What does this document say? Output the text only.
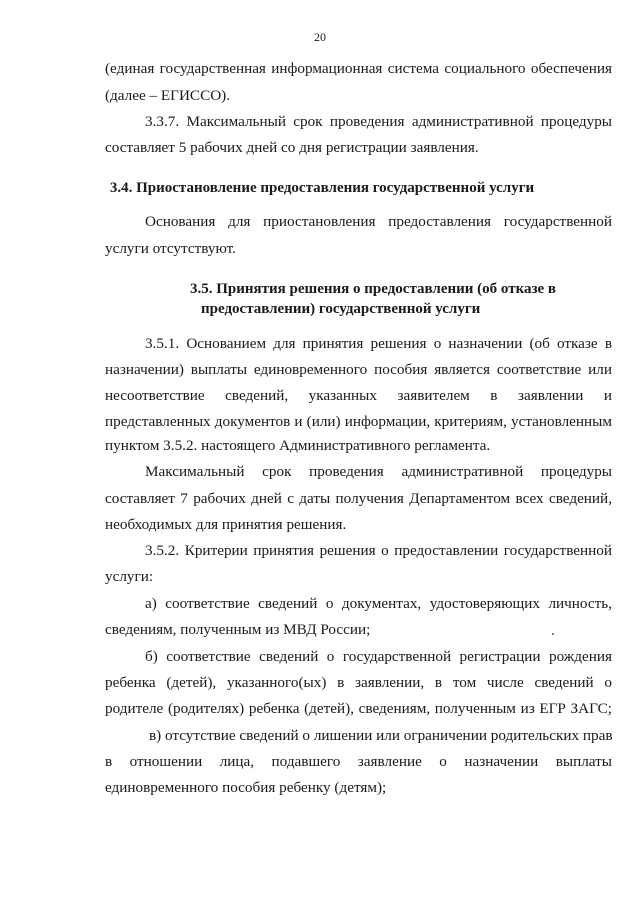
20
(единая государственная информационная система социального обеспечения
(далее – ЕГИССО).
3.3.7. Максимальный срок проведения административной процедуры
составляет 5 рабочих дней со дня регистрации заявления.
3.4. Приостановление предоставления государственной услуги
Основания для приостановления предоставления государственной
услуги отсутствуют.
3.5. Принятия решения о предоставлении (об отказе в
предоставлении) государственной услуги
3.5.1. Основанием для принятия решения о назначении (об отказе в
назначении) выплаты единовременного пособия является соответствие или
несоответствие сведений, указанных заявителем в заявлении и
представленных документов и (или) информации, критериям, установленным
пунктом 3.5.2. настоящего Административного регламента.
Максимальный срок проведения административной процедуры
составляет 7 рабочих дней с даты получения Департаментом всех сведений,
необходимых для принятия решения.
3.5.2. Критерии принятия решения о предоставлении государственной
услуги:
а) соответствие сведений о документах, удостоверяющих личность,
сведениям, полученным из МВД России;
б) соответствие сведений о государственной регистрации рождения
ребенка (детей), указанного(ых) в заявлении, в том числе сведений о
родителе (родителях) ребенка (детей), сведениям, полученным из ЕГР ЗАГС;
в) отсутствие сведений о лишении или ограничении родительских прав
в отношении лица, подавшего заявление о назначении выплаты
единовременного пособия ребенку (детям);
